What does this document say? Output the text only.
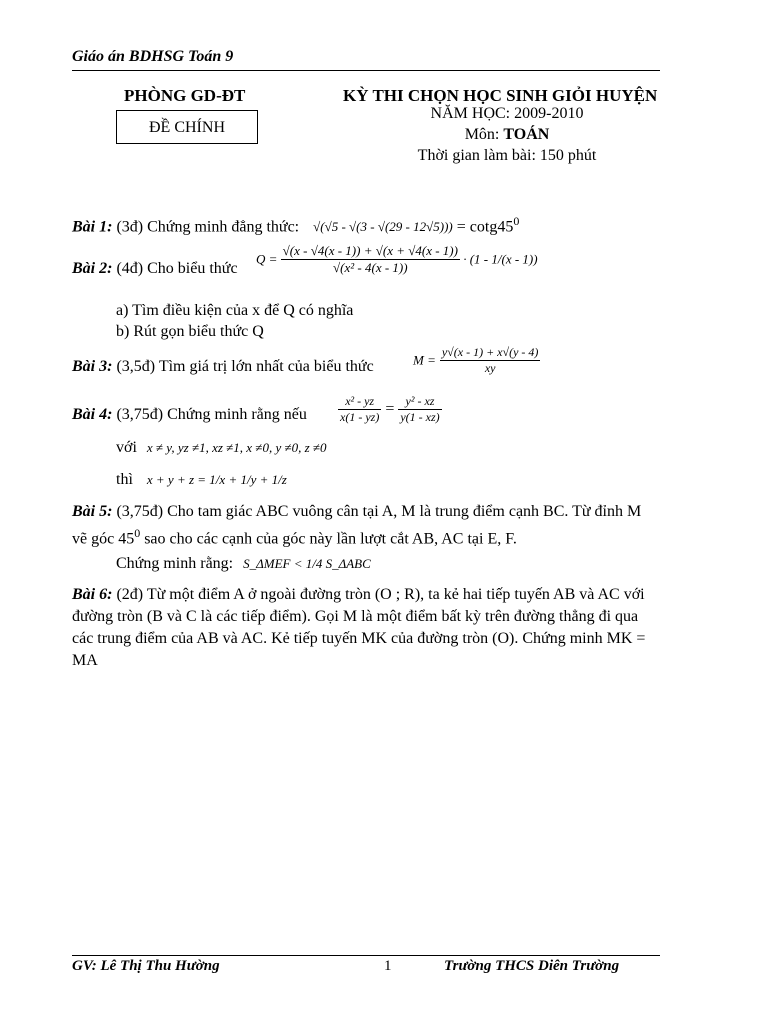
Giáo án BDHSG Toán 9
PHÒNG GD-ĐT
ĐỀ CHÍNH
KỲ THI CHỌN HỌC SINH GIỎI HUYỆN
NĂM HỌC: 2009-2010
Môn: TOÁN
Thời gian làm bài: 150 phút
Bài 1: (3đ) Chứng minh đẳng thức: $√(√5 - √(3 - √(29 - 12√5))) = \cot g45^0$
Bài 2: (4đ) Cho biểu thức
$Q = \frac{√(x - √4(x - 1)) + √(x + √4(x - 1))}{\text{√(x² - 4(x - 1))}} \cdot (1 - 1/(x - 1))$
a) Tìm điều kiện của x để Q có nghĩa
b) Rút gọn biểu thức Q
Bài 3: (3,5đ) Tìm giá trị lớn nhất của biểu thức	$M = \frac{y√(x - 1) + x√(y - 4)}{xy}$
Bài 4: (3,75đ) Chứng minh rằng nếu	$\frac{\text{x² - yz}}{x(1 - yz)} = \frac{\text{y² - xz}}{y(1 - xz)}$
với x ≠ y, yz ≠1, xz ≠1, x ≠0, y ≠0, z ≠0
thì x + y + z = 1/x + 1/y + 1/z
Bài 5: (3,75đ) Cho tam giác ABC vuông cân tại A, M là trung điểm cạnh BC. Từ đỉnh M
vẽ góc $45^0$ sao cho các cạnh của góc này lần lượt cắt AB, AC tại E, F.
Chứng minh rằng: S_ΔMEF < 1/4 S_ΔABC
Bài 6: (2đ) Từ một điểm A ở ngoài đường tròn (O ; R), ta kẻ hai tiếp tuyến AB và AC với
đường tròn (B và C là các tiếp điểm). Gọi M là một điểm bất kỳ trên đường thẳng đi qua
các trung điểm của AB và AC. Kẻ tiếp tuyến MK của đường tròn (O). Chứng minh MK =
MA
GV: Lê Thị Thu Hường	1	Trường THCS Diên Trường
